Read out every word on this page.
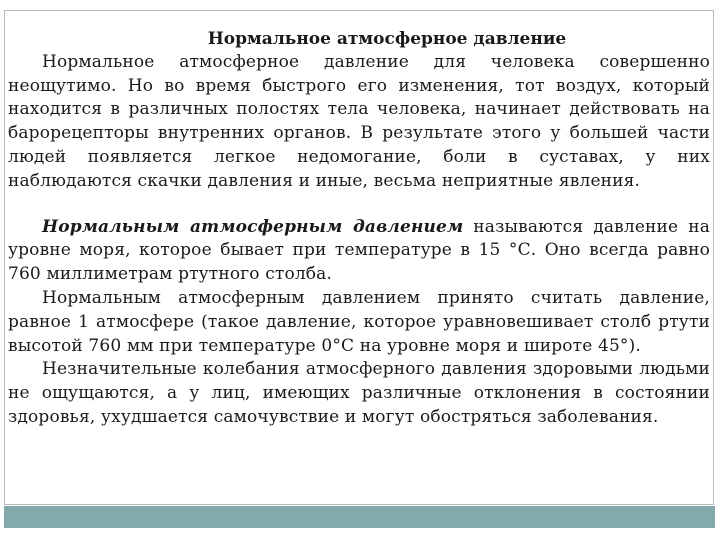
Нормальное атмосферное давление

Нормальное атмосферное давление для человека совершенно неощутимо. Но во время быстрого его изменения, тот воздух, который находится в различных полостях тела человека, начинает действовать на барорецепторы внутренних органов. В результате этого у большей части людей появляется легкое недомогание, боли в суставах, у них наблюдаются скачки давления и иные, весьма неприятные явления.

Нормальным атмосферным давлением называются давление на уровне моря, которое бывает при температуре в 15 °С. Оно всегда равно 760 миллиметрам ртутного столба.

Нормальным атмосферным давлением принято считать давление, равное 1 атмосфере (такое давление, которое уравновешивает столб ртути высотой 760 мм при температуре 0°С на уровне моря и широте 45°).

Незначительные колебания атмосферного давления здоровыми людьми не ощущаются, а у лиц, имеющих различные отклонения в состоянии здоровья, ухудшается самочувствие и могут обостряться заболевания.
